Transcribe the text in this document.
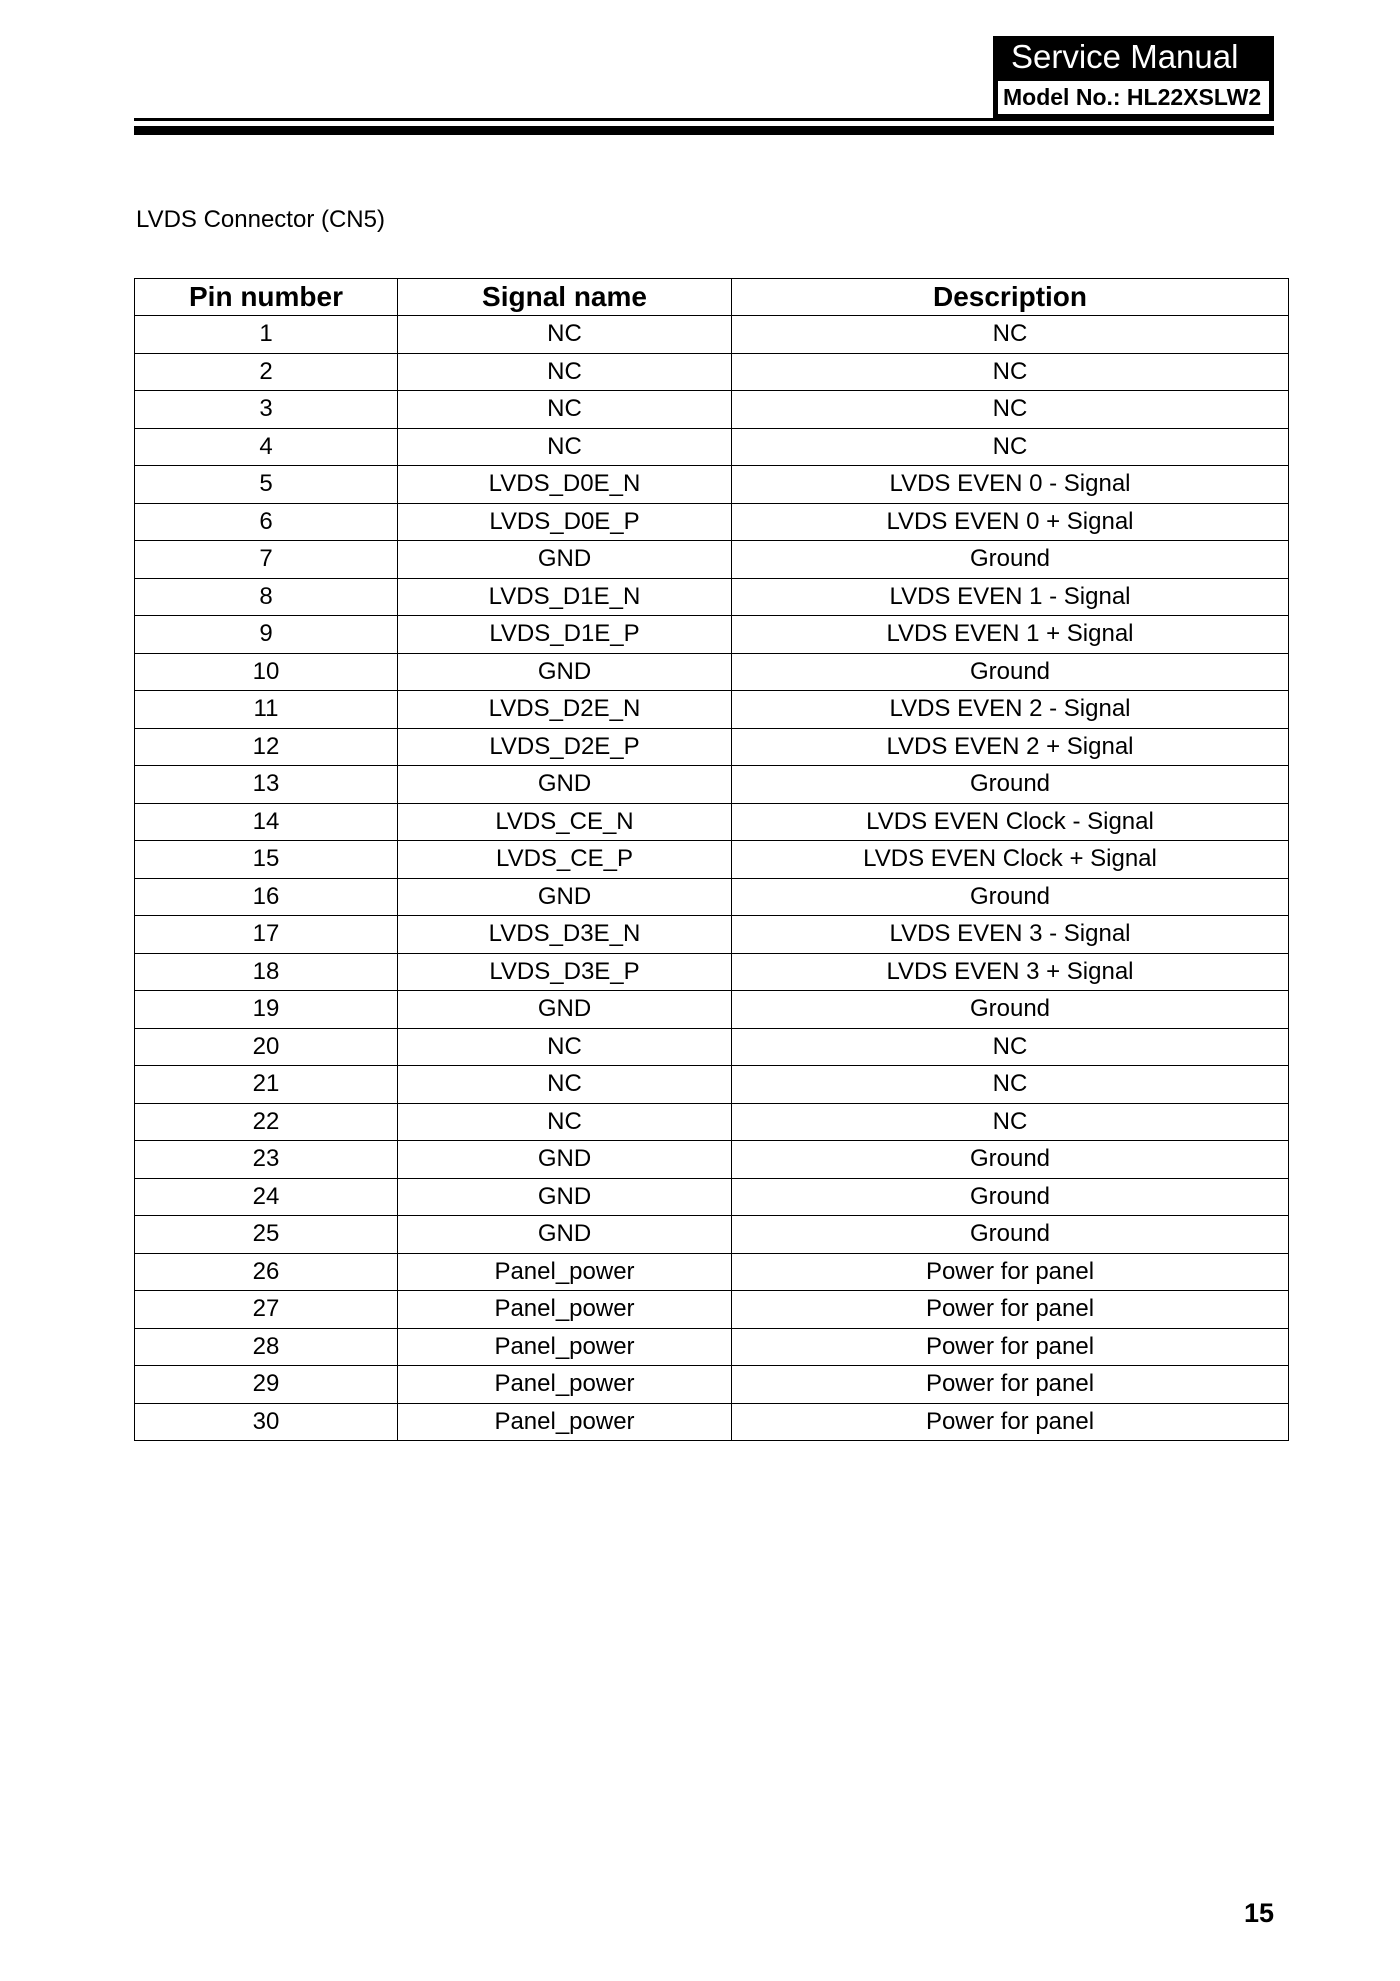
Service Manual
Model No.: HL22XSLW2
LVDS Connector (CN5)
Pin number	Signal name	Description
1	NC	NC
2	NC	NC
3	NC	NC
4	NC	NC
5	LVDS_D0E_N	LVDS EVEN 0 - Signal
6	LVDS_D0E_P	LVDS EVEN 0 + Signal
7	GND	Ground
8	LVDS_D1E_N	LVDS EVEN 1 - Signal
9	LVDS_D1E_P	LVDS EVEN 1 + Signal
10	GND	Ground
11	LVDS_D2E_N	LVDS EVEN 2 - Signal
12	LVDS_D2E_P	LVDS EVEN 2 + Signal
13	GND	Ground
14	LVDS_CE_N	LVDS EVEN Clock - Signal
15	LVDS_CE_P	LVDS EVEN Clock + Signal
16	GND	Ground
17	LVDS_D3E_N	LVDS EVEN 3 - Signal
18	LVDS_D3E_P	LVDS EVEN 3 + Signal
19	GND	Ground
20	NC	NC
21	NC	NC
22	NC	NC
23	GND	Ground
24	GND	Ground
25	GND	Ground
26	Panel_power	Power for panel
27	Panel_power	Power for panel
28	Panel_power	Power for panel
29	Panel_power	Power for panel
30	Panel_power	Power for panel
15
